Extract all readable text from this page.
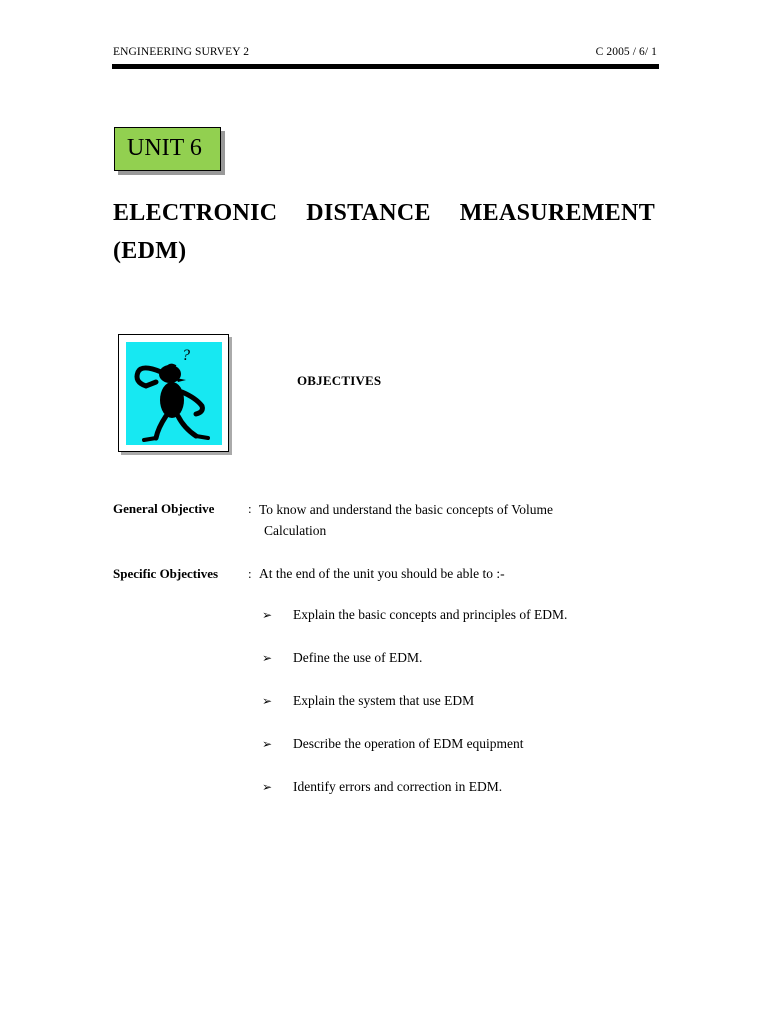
ENGINEERING SURVEY 2	C 2005 / 6/ 1
UNIT 6
ELECTRONIC DISTANCE MEASUREMENT
(EDM)
?
OBJECTIVES
General Objective	: To know and understand the basic concepts of Volume
Calculation
Specific Objectives : At the end of the unit you should be able to :-
➢ Explain the basic concepts and principles of EDM.
➢ Define the use of EDM.
➢ Explain the system that use EDM
➢ Describe the operation of EDM equipment
➢ Identify errors and correction in EDM.
